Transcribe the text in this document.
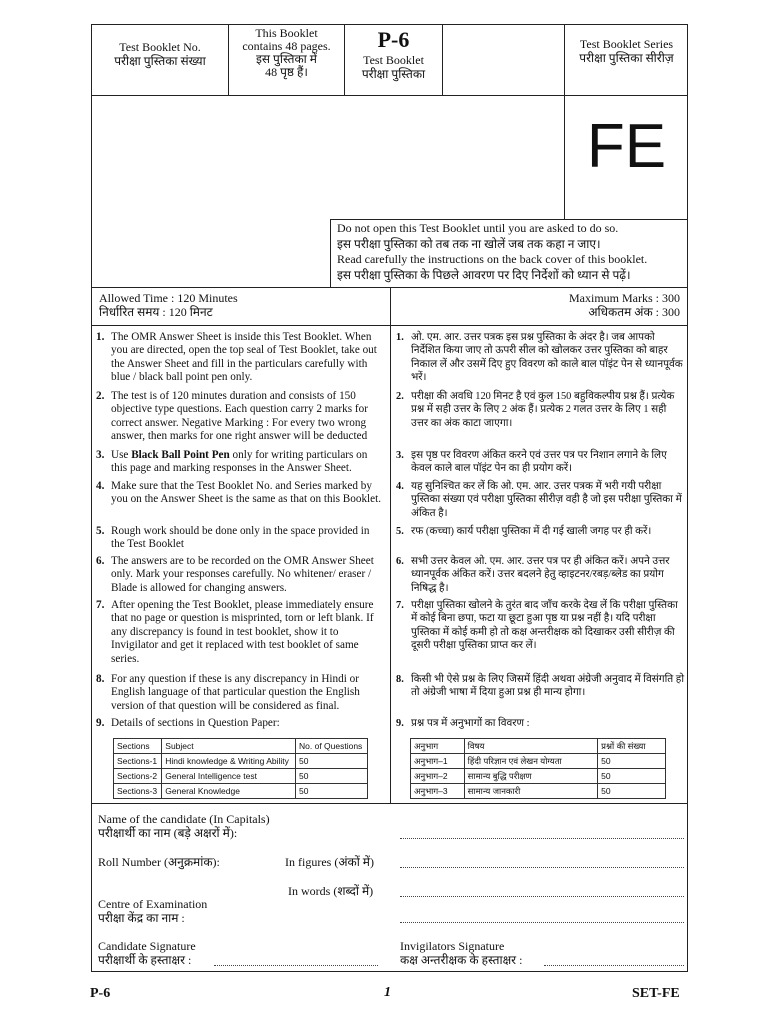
Test Booklet No.
परीक्षा पुस्तिका संख्या
This Booklet
contains 48 pages.
इस पुस्तिका में
48 पृष्ठ हैं।
P-6
Test Booklet
परीक्षा पुस्तिका
Test Booklet Series
परीक्षा पुस्तिका सीरीज़
FE
Do not open this Test Booklet until you are asked to do so.
इस परीक्षा पुस्तिका को तब तक ना खोलें जब तक कहा न जाए।
Read carefully the instructions on the back cover of this booklet.
इस परीक्षा पुस्तिका के पिछले आवरण पर दिए निर्देशों को ध्यान से पढ़ें।
Allowed Time : 120 Minutes
निर्धारित समय : 120 मिनट
Maximum Marks : 300
अधिकतम अंक : 300
1. The OMR Answer Sheet is inside this Test Booklet. When you are directed, open the top seal of Test Booklet, take out the Answer Sheet and fill in the particulars carefully with blue / black ball point pen only.
2. The test is of 120 minutes duration and consists of 150 objective type questions. Each question carry 2 marks for correct answer. Negative Marking : For every two wrong answer, then marks for one right answer will be deducted
3. Use Black Ball Point Pen only for writing particulars on this page and marking responses in the Answer Sheet.
4. Make sure that the Test Booklet No. and Series marked by you on the Answer Sheet is the same as that on this Booklet.
5. Rough work should be done only in the space provided in the Test Booklet
6. The answers are to be recorded on the OMR Answer Sheet only. Mark your responses carefully. No whitener/ eraser / Blade is allowed for changing answers.
7. After opening the Test Booklet, please immediately ensure that no page or question is misprinted, torn or left blank. If any discrepancy is found in test booklet, show it to Invigilator and get it replaced with test booklet of same series.
8. For any question if these is any discrepancy in Hindi or English language of that particular question the English version of that question will be considered as final.
9. Details of sections in Question Paper:
Sections	Subject	No. of Questions
Sections-1	Hindi knowledge & Writing Ability	50
Sections-2	General Intelligence test	50
Sections-3	General Knowledge	50
1. ओ. एम. आर. उत्तर पत्रक इस प्रश्न पुस्तिका के अंदर है। जब आपको निर्देशित किया जाए तो ऊपरी सील को खोलकर उत्तर पुस्तिका को बाहर निकाल लें और उसमें दिए हुए विवरण को काले बाल पॉइंट पेन से ध्यानपूर्वक भरें।
2. परीक्षा की अवधि 120 मिनट है एवं कुल 150 बहुविकल्पीय प्रश्न हैं। प्रत्येक प्रश्न में सही उत्तर के लिए 2 अंक हैं। प्रत्येक 2 गलत उत्तर के लिए 1 सही उत्तर का अंक काटा जाएगा।
3. इस पृष्ठ पर विवरण अंकित करने एवं उत्तर पत्र पर निशान लगाने के लिए केवल काले बाल पॉइंट पेन का ही प्रयोग करें।
4. यह सुनिश्चित कर लें कि ओ. एम. आर. उत्तर पत्रक में भरी गयी परीक्षा पुस्तिका संख्या एवं परीक्षा पुस्तिका सीरीज़ वही है जो इस परीक्षा पुस्तिका में अंकित है।
5. रफ (कच्चा) कार्य परीक्षा पुस्तिका में दी गई खाली जगह पर ही करें।
6. सभी उत्तर केवल ओ. एम. आर. उत्तर पत्र पर ही अंकित करें। अपने उत्तर ध्यानपूर्वक अंकित करें। उत्तर बदलने हेतु व्हाइटनर/रबड़/ब्लेड का प्रयोग निषिद्ध है।
7. परीक्षा पुस्तिका खोलने के तुरंत बाद जाँच करके देख लें कि परीक्षा पुस्तिका में कोई बिना छपा, फटा या छूटा हुआ पृष्ठ या प्रश्न नहीं है। यदि परीक्षा पुस्तिका में कोई कमी हो तो कक्ष अन्तरीक्षक को दिखाकर उसी सीरीज़ की दूसरी परीक्षा पुस्तिका प्राप्त कर लें।
8. किसी भी ऐसे प्रश्न के लिए जिसमें हिंदी अथवा अंग्रेजी अनुवाद में विसंगति हो तो अंग्रेजी भाषा में दिया हुआ प्रश्न ही मान्य होगा।
9. प्रश्न पत्र में अनुभागों का विवरण :
अनुभाग	विषय	प्रश्नों की संख्या
अनुभाग–1	हिंदी परिज्ञान एवं लेखन योग्यता	50
अनुभाग–2	सामान्य बुद्धि परीक्षण	50
अनुभाग–3	सामान्य जानकारी	50
Name of the candidate (In Capitals)
परीक्षार्थी का नाम (बड़े अक्षरों में):
Roll Number (अनुक्रमांक):	In figures (अंकों में)
In words (शब्दों में)
Centre of Examination
परीक्षा केंद्र का नाम :
Candidate Signature
परीक्षार्थी के हस्ताक्षर :
Invigilators Signature
कक्ष अन्तरीक्षक के हस्ताक्षर :
P-6	1	SET-FE
